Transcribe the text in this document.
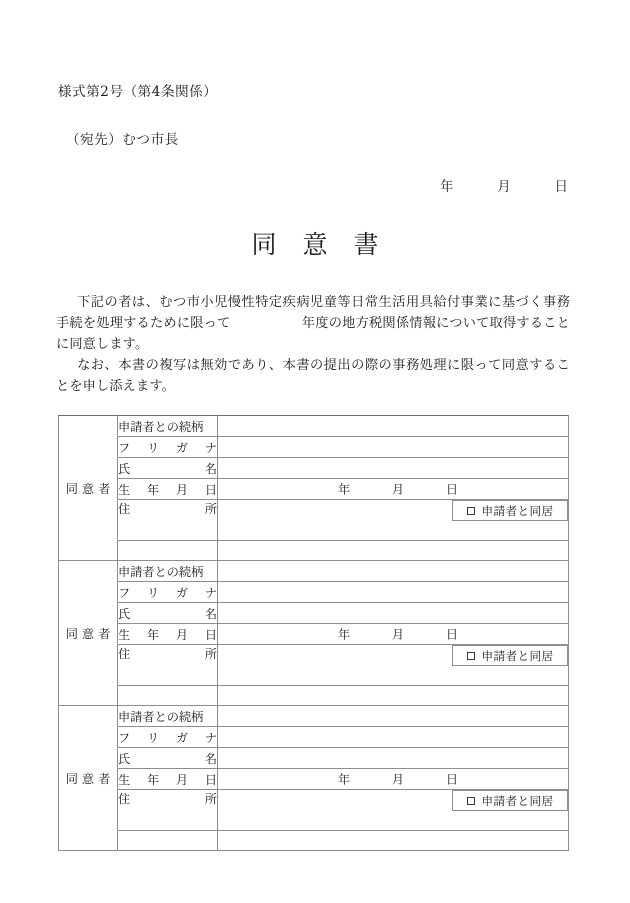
様式第2号（第4条関係）
（宛先）むつ市長
年	月	日
同意書

下記の者は、むつ市小児慢性特定疾病児童等日常生活用具給付事業に基づく事務手続を処理するために限って	年度の地方税関係情報について取得することに同意します。

なお、本書の複写は無効であり、本書の提出の際の事務処理に限って同意することを申し添えます。

同意者	申請者との続柄	

	フ リ ガ ナ	

	氏 名	

	生 年 月 日	年 月 日

	住 所	申請者と同居

同意者	申請者との続柄	

	フ リ ガ ナ	

	氏 名	

	生 年 月 日	年 月 日

	住 所	申請者と同居

同意者	申請者との続柄	

	フ リ ガ ナ	

	氏 名	

	生 年 月 日	年 月 日

	住 所	申請者と同居
